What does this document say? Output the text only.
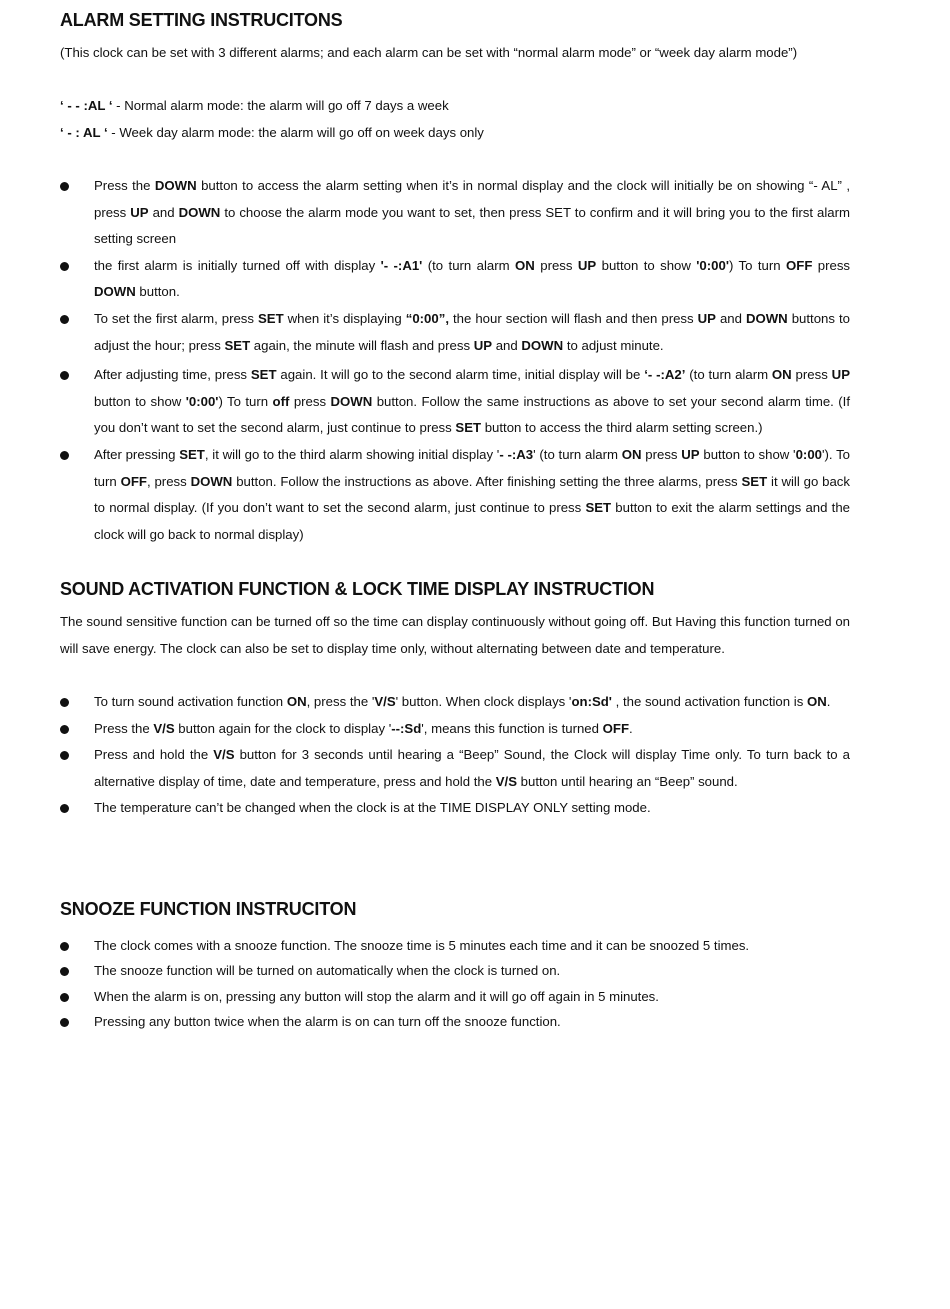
ALARM SETTING INSTRUCITONS
(This clock can be set with 3 different alarms; and each alarm can be set with “normal alarm mode” or “week day alarm mode”)
‘ - - :AL ‘ - Normal alarm mode: the alarm will go off 7 days a week
‘ - : AL ‘ - Week day alarm mode: the alarm will go off on week days only
Press the DOWN button to access the alarm setting when it’s in normal display and the clock will initially be on showing “- AL” , press UP and DOWN to choose the alarm mode you want to set, then press SET to confirm and it will bring you to the first alarm setting screen
the first alarm is initially turned off with display '- -:A1' (to turn alarm ON press UP button to show '0:00') To turn OFF press DOWN button.
To set the first alarm, press SET when it’s displaying “0:00”, the hour section will flash and then press UP and DOWN buttons to adjust the hour; press SET again, the minute will flash and press UP and DOWN to adjust minute.
After adjusting time, press SET again. It will go to the second alarm time, initial display will be ‘- -:A2’ (to turn alarm ON press UP button to show '0:00') To turn off press DOWN button. Follow the same instructions as above to set your second alarm time. (If you don’t want to set the second alarm, just continue to press SET button to access the third alarm setting screen.)
After pressing SET, it will go to the third alarm showing initial display '- -:A3' (to turn alarm ON press UP button to show '0:00'). To turn OFF, press DOWN button. Follow the instructions as above. After finishing setting the three alarms, press SET it will go back to normal display. (If you don’t want to set the second alarm, just continue to press SET button to exit the alarm settings and the clock will go back to normal display)
SOUND ACTIVATION FUNCTION & LOCK TIME DISPLAY INSTRUCTION
The sound sensitive function can be turned off so the time can display continuously without going off. But Having this function turned on will save energy. The clock can also be set to display time only, without alternating between date and temperature.
To turn sound activation function ON, press the 'V/S' button. When clock displays 'on:Sd' , the sound activation function is ON.
Press the V/S button again for the clock to display '--:Sd', means this function is turned OFF.
Press and hold the V/S button for 3 seconds until hearing a “Beep” Sound, the Clock will display Time only. To turn back to a alternative display of time, date and temperature, press and hold the V/S button until hearing an “Beep” sound.
The temperature can’t be changed when the clock is at the TIME DISPLAY ONLY setting mode.
SNOOZE FUNCTION INSTRUCITON
The clock comes with a snooze function. The snooze time is 5 minutes each time and it can be snoozed 5 times.
The snooze function will be turned on automatically when the clock is turned on.
When the alarm is on, pressing any button will stop the alarm and it will go off again in 5 minutes.
Pressing any button twice when the alarm is on can turn off the snooze function.
